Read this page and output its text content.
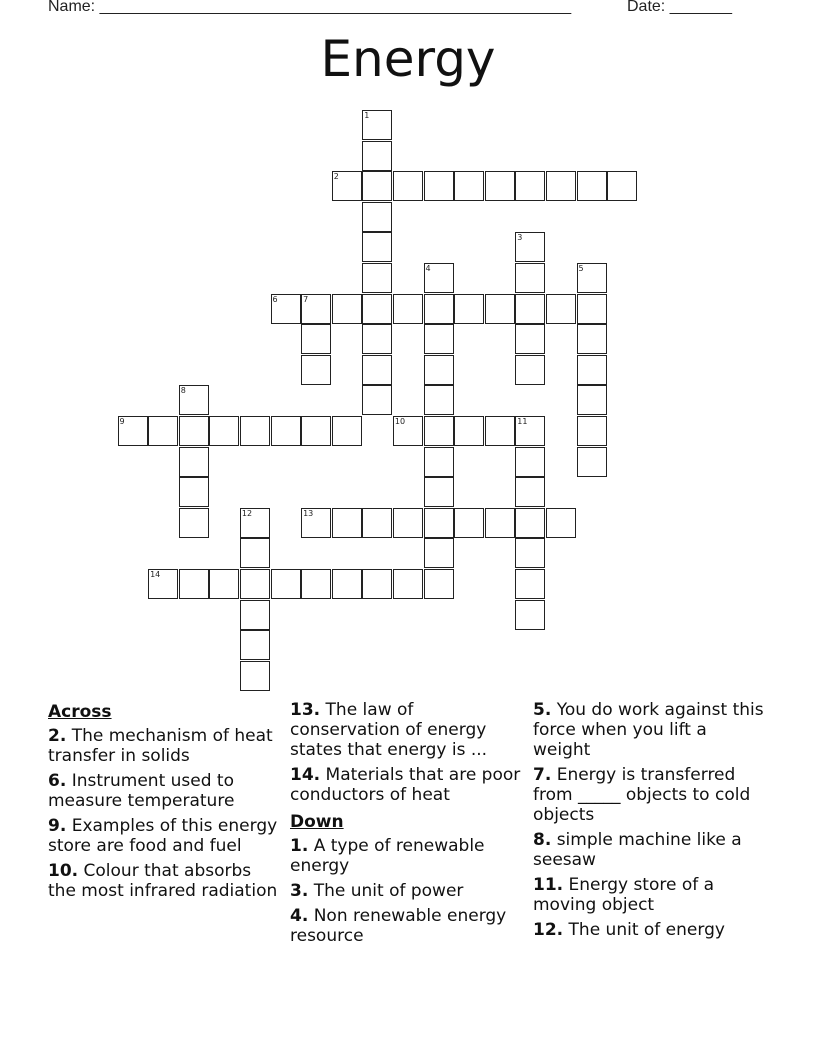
Name: _____________________________________________________	Date: _______
Energy
1
2
3
4	5
6	7
8
9	10	11
12	13
14
Across
2. The mechanism of heat transfer in solids
6. Instrument used to measure temperature
9. Examples of this energy store are food and fuel
10. Colour that absorbs the most infrared radiation
13. The law of conservation of energy states that energy is ...
14. Materials that are poor conductors of heat
Down
1. A type of renewable energy
3. The unit of power
4. Non renewable energy resource
5. You do work against this force when you lift a weight
7. Energy is transferred from _____ objects to cold objects
8. simple machine like a seesaw
11. Energy store of a moving object
12. The unit of energy
